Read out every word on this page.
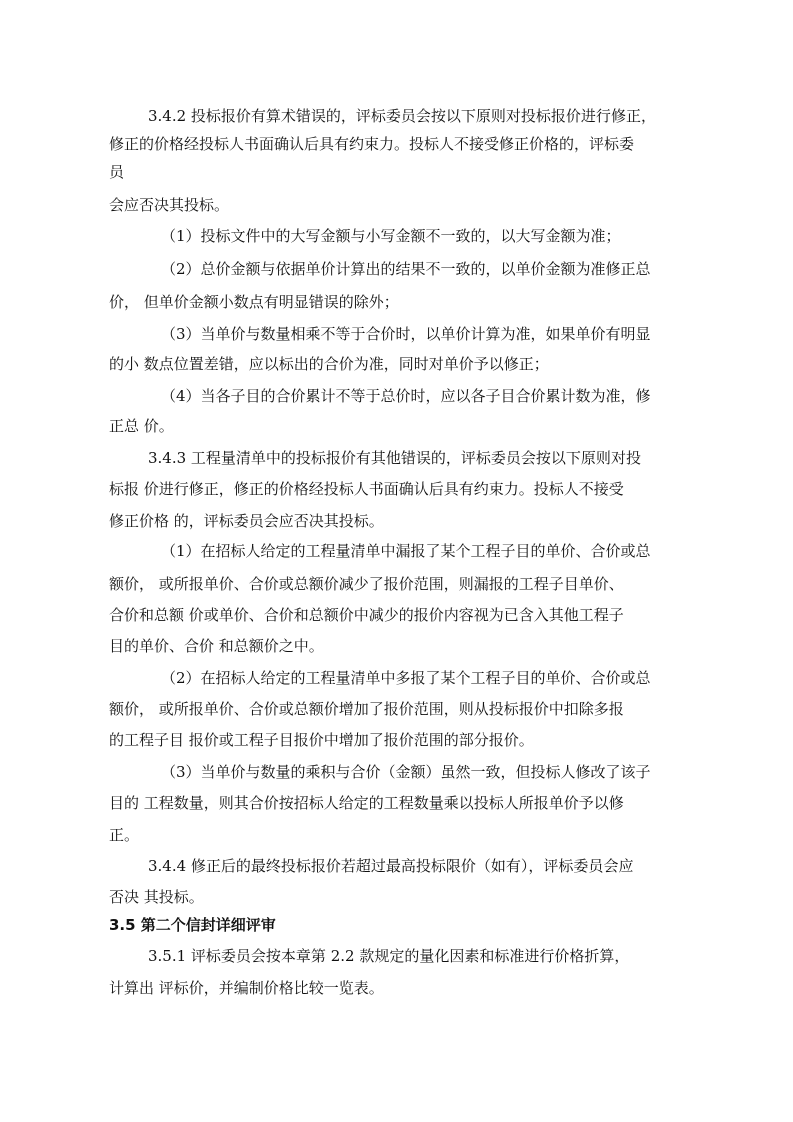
3.4.2 投标报价有算术错误的，评标委员会按以下原则对投标报价进行修正，

修正的价格经投标人书面确认后具有约束力。投标人不接受修正价格的，评标委

员

会应否决其投标。

（1）投标文件中的大写金额与小写金额不一致的，以大写金额为准；

（2）总价金额与依据单价计算出的结果不一致的，以单价金额为准修正总

价， 但单价金额小数点有明显错误的除外；

（3）当单价与数量相乘不等于合价时，以单价计算为准，如果单价有明显

的小 数点位置差错，应以标出的合价为准，同时对单价予以修正；

（4）当各子目的合价累计不等于总价时，应以各子目合价累计数为准，修

正总 价。

3.4.3 工程量清单中的投标报价有其他错误的，评标委员会按以下原则对投

标报 价进行修正，修正的价格经投标人书面确认后具有约束力。投标人不接受

修正价格 的，评标委员会应否决其投标。

（1）在招标人给定的工程量清单中漏报了某个工程子目的单价、合价或总

额价， 或所报单价、合价或总额价减少了报价范围，则漏报的工程子目单价、

合价和总额 价或单价、合价和总额价中减少的报价内容视为已含入其他工程子

目的单价、合价 和总额价之中。

（2）在招标人给定的工程量清单中多报了某个工程子目的单价、合价或总

额价， 或所报单价、合价或总额价增加了报价范围，则从投标报价中扣除多报

的工程子目 报价或工程子目报价中增加了报价范围的部分报价。

（3）当单价与数量的乘积与合价（金额）虽然一致，但投标人修改了该子

目的 工程数量，则其合价按招标人给定的工程数量乘以投标人所报单价予以修

正。

3.4.4 修正后的最终投标报价若超过最高投标限价（如有），评标委员会应

否决 其投标。

3.5 第二个信封详细评审

3.5.1 评标委员会按本章第 2.2 款规定的量化因素和标准进行价格折算，

计算出 评标价，并编制价格比较一览表。
